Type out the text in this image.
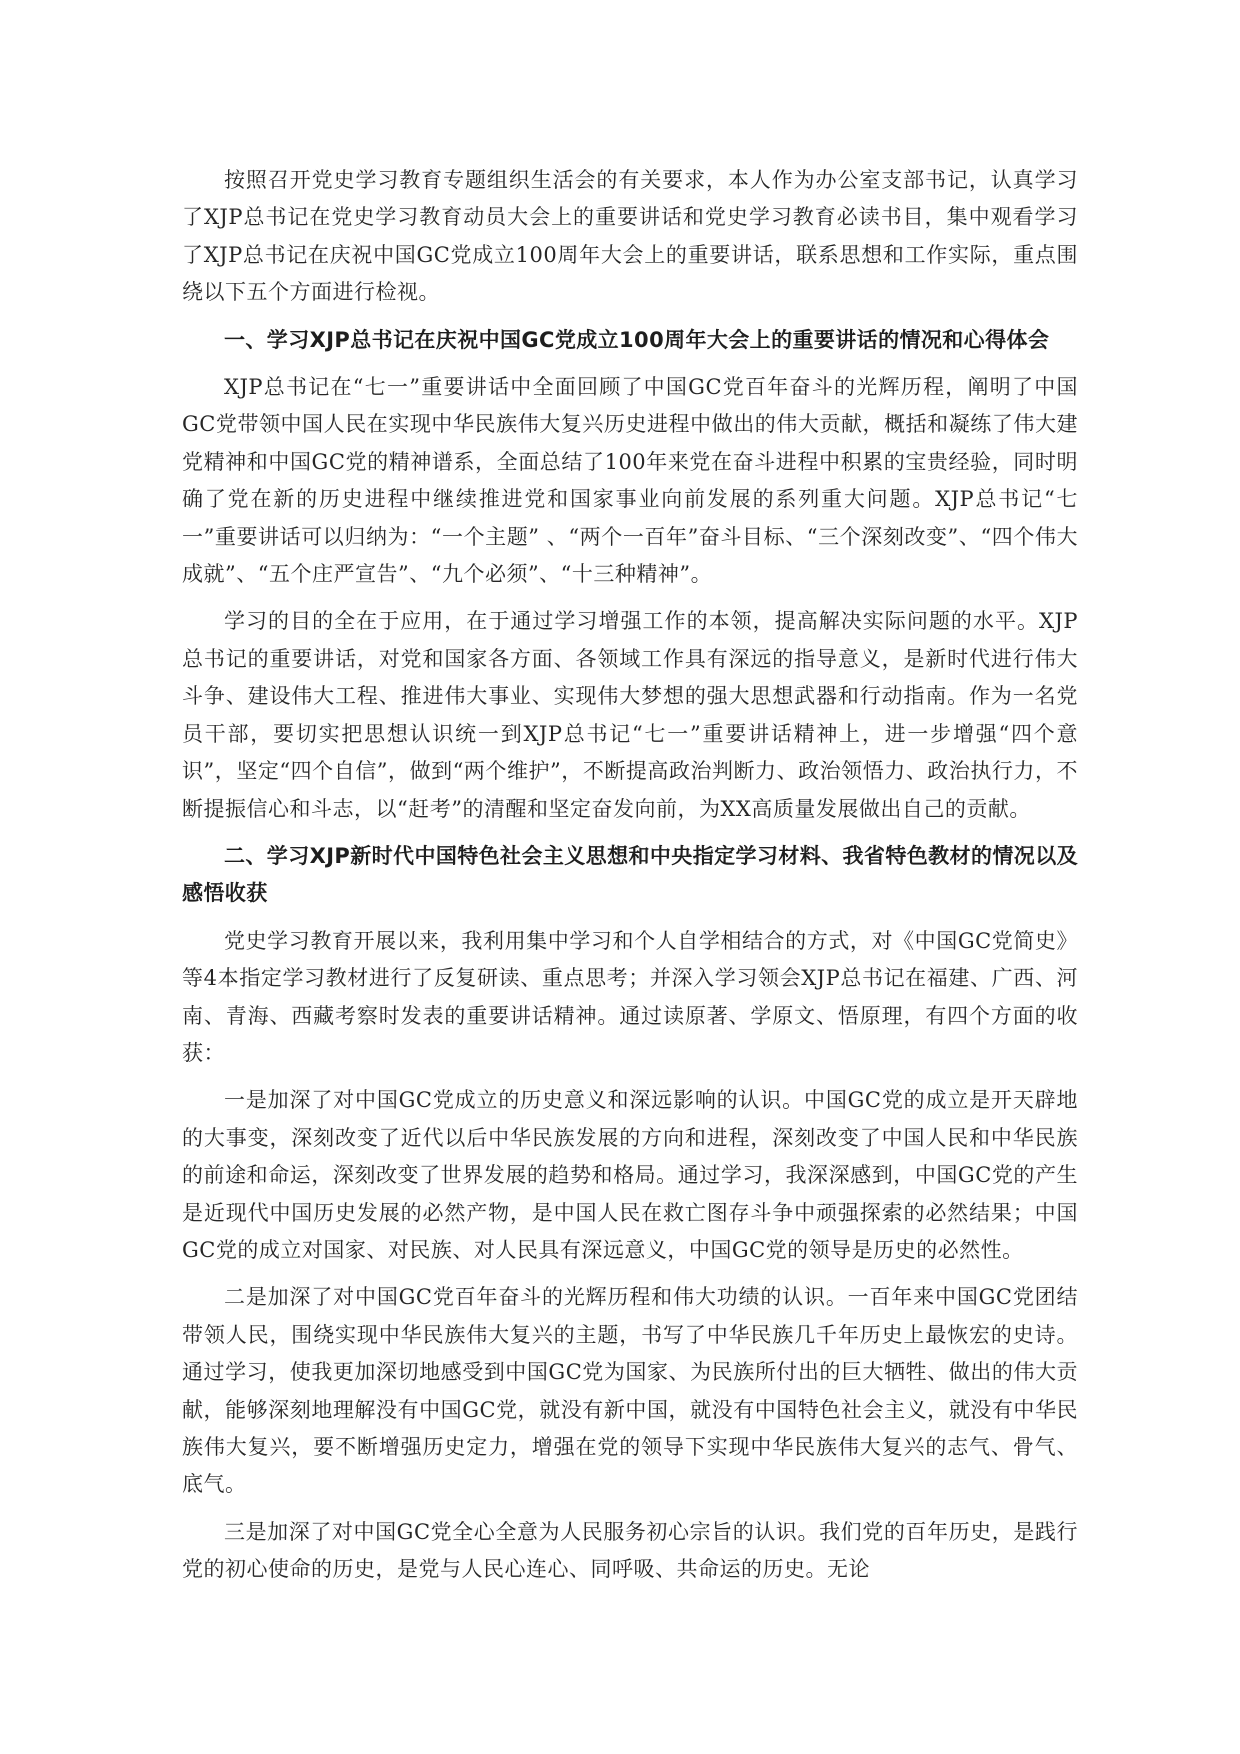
按照召开党史学习教育专题组织生活会的有关要求，本人作为办公室支部书记，认真学习了XJP总书记在党史学习教育动员大会上的重要讲话和党史学习教育必读书目，集中观看学习了XJP总书记在庆祝中国GC党成立100周年大会上的重要讲话，联系思想和工作实际，重点围绕以下五个方面进行检视。

一、学习XJP总书记在庆祝中国GC党成立100周年大会上的重要讲话的情况和心得体会

XJP总书记在“七一”重要讲话中全面回顾了中国GC党百年奋斗的光辉历程，阐明了中国GC党带领中国人民在实现中华民族伟大复兴历史进程中做出的伟大贡献，概括和凝练了伟大建党精神和中国GC党的精神谱系，全面总结了100年来党在奋斗进程中积累的宝贵经验，同时明确了党在新的历史进程中继续推进党和国家事业向前发展的系列重大问题。XJP总书记“七一”重要讲话可以归纳为：“一个主题” 、“两个一百年”奋斗目标、“三个深刻改变”、“四个伟大成就”、“五个庄严宣告”、“九个必须”、“十三种精神”。

学习的目的全在于应用，在于通过学习增强工作的本领，提高解决实际问题的水平。XJP总书记的重要讲话，对党和国家各方面、各领域工作具有深远的指导意义，是新时代进行伟大斗争、建设伟大工程、推进伟大事业、实现伟大梦想的强大思想武器和行动指南。作为一名党员干部，要切实把思想认识统一到XJP总书记“七一”重要讲话精神上，进一步增强“四个意识”，坚定“四个自信”，做到“两个维护”，不断提高政治判断力、政治领悟力、政治执行力，不断提振信心和斗志，以“赶考”的清醒和坚定奋发向前，为XX高质量发展做出自己的贡献。

二、学习XJP新时代中国特色社会主义思想和中央指定学习材料、我省特色教材的情况以及感悟收获

党史学习教育开展以来，我利用集中学习和个人自学相结合的方式，对《中国GC党简史》等4本指定学习教材进行了反复研读、重点思考；并深入学习领会XJP总书记在福建、广西、河南、青海、西藏考察时发表的重要讲话精神。通过读原著、学原文、悟原理，有四个方面的收获：

一是加深了对中国GC党成立的历史意义和深远影响的认识。中国GC党的成立是开天辟地的大事变，深刻改变了近代以后中华民族发展的方向和进程，深刻改变了中国人民和中华民族的前途和命运，深刻改变了世界发展的趋势和格局。通过学习，我深深感到，中国GC党的产生是近现代中国历史发展的必然产物，是中国人民在救亡图存斗争中顽强探索的必然结果；中国GC党的成立对国家、对民族、对人民具有深远意义，中国GC党的领导是历史的必然性。

二是加深了对中国GC党百年奋斗的光辉历程和伟大功绩的认识。一百年来中国GC党团结带领人民，围绕实现中华民族伟大复兴的主题，书写了中华民族几千年历史上最恢宏的史诗。通过学习，使我更加深切地感受到中国GC党为国家、为民族所付出的巨大牺牲、做出的伟大贡献，能够深刻地理解没有中国GC党，就没有新中国，就没有中国特色社会主义，就没有中华民族伟大复兴，要不断增强历史定力，增强在党的领导下实现中华民族伟大复兴的志气、骨气、底气。

三是加深了对中国GC党全心全意为人民服务初心宗旨的认识。我们党的百年历史，是践行党的初心使命的历史，是党与人民心连心、同呼吸、共命运的历史。无论
